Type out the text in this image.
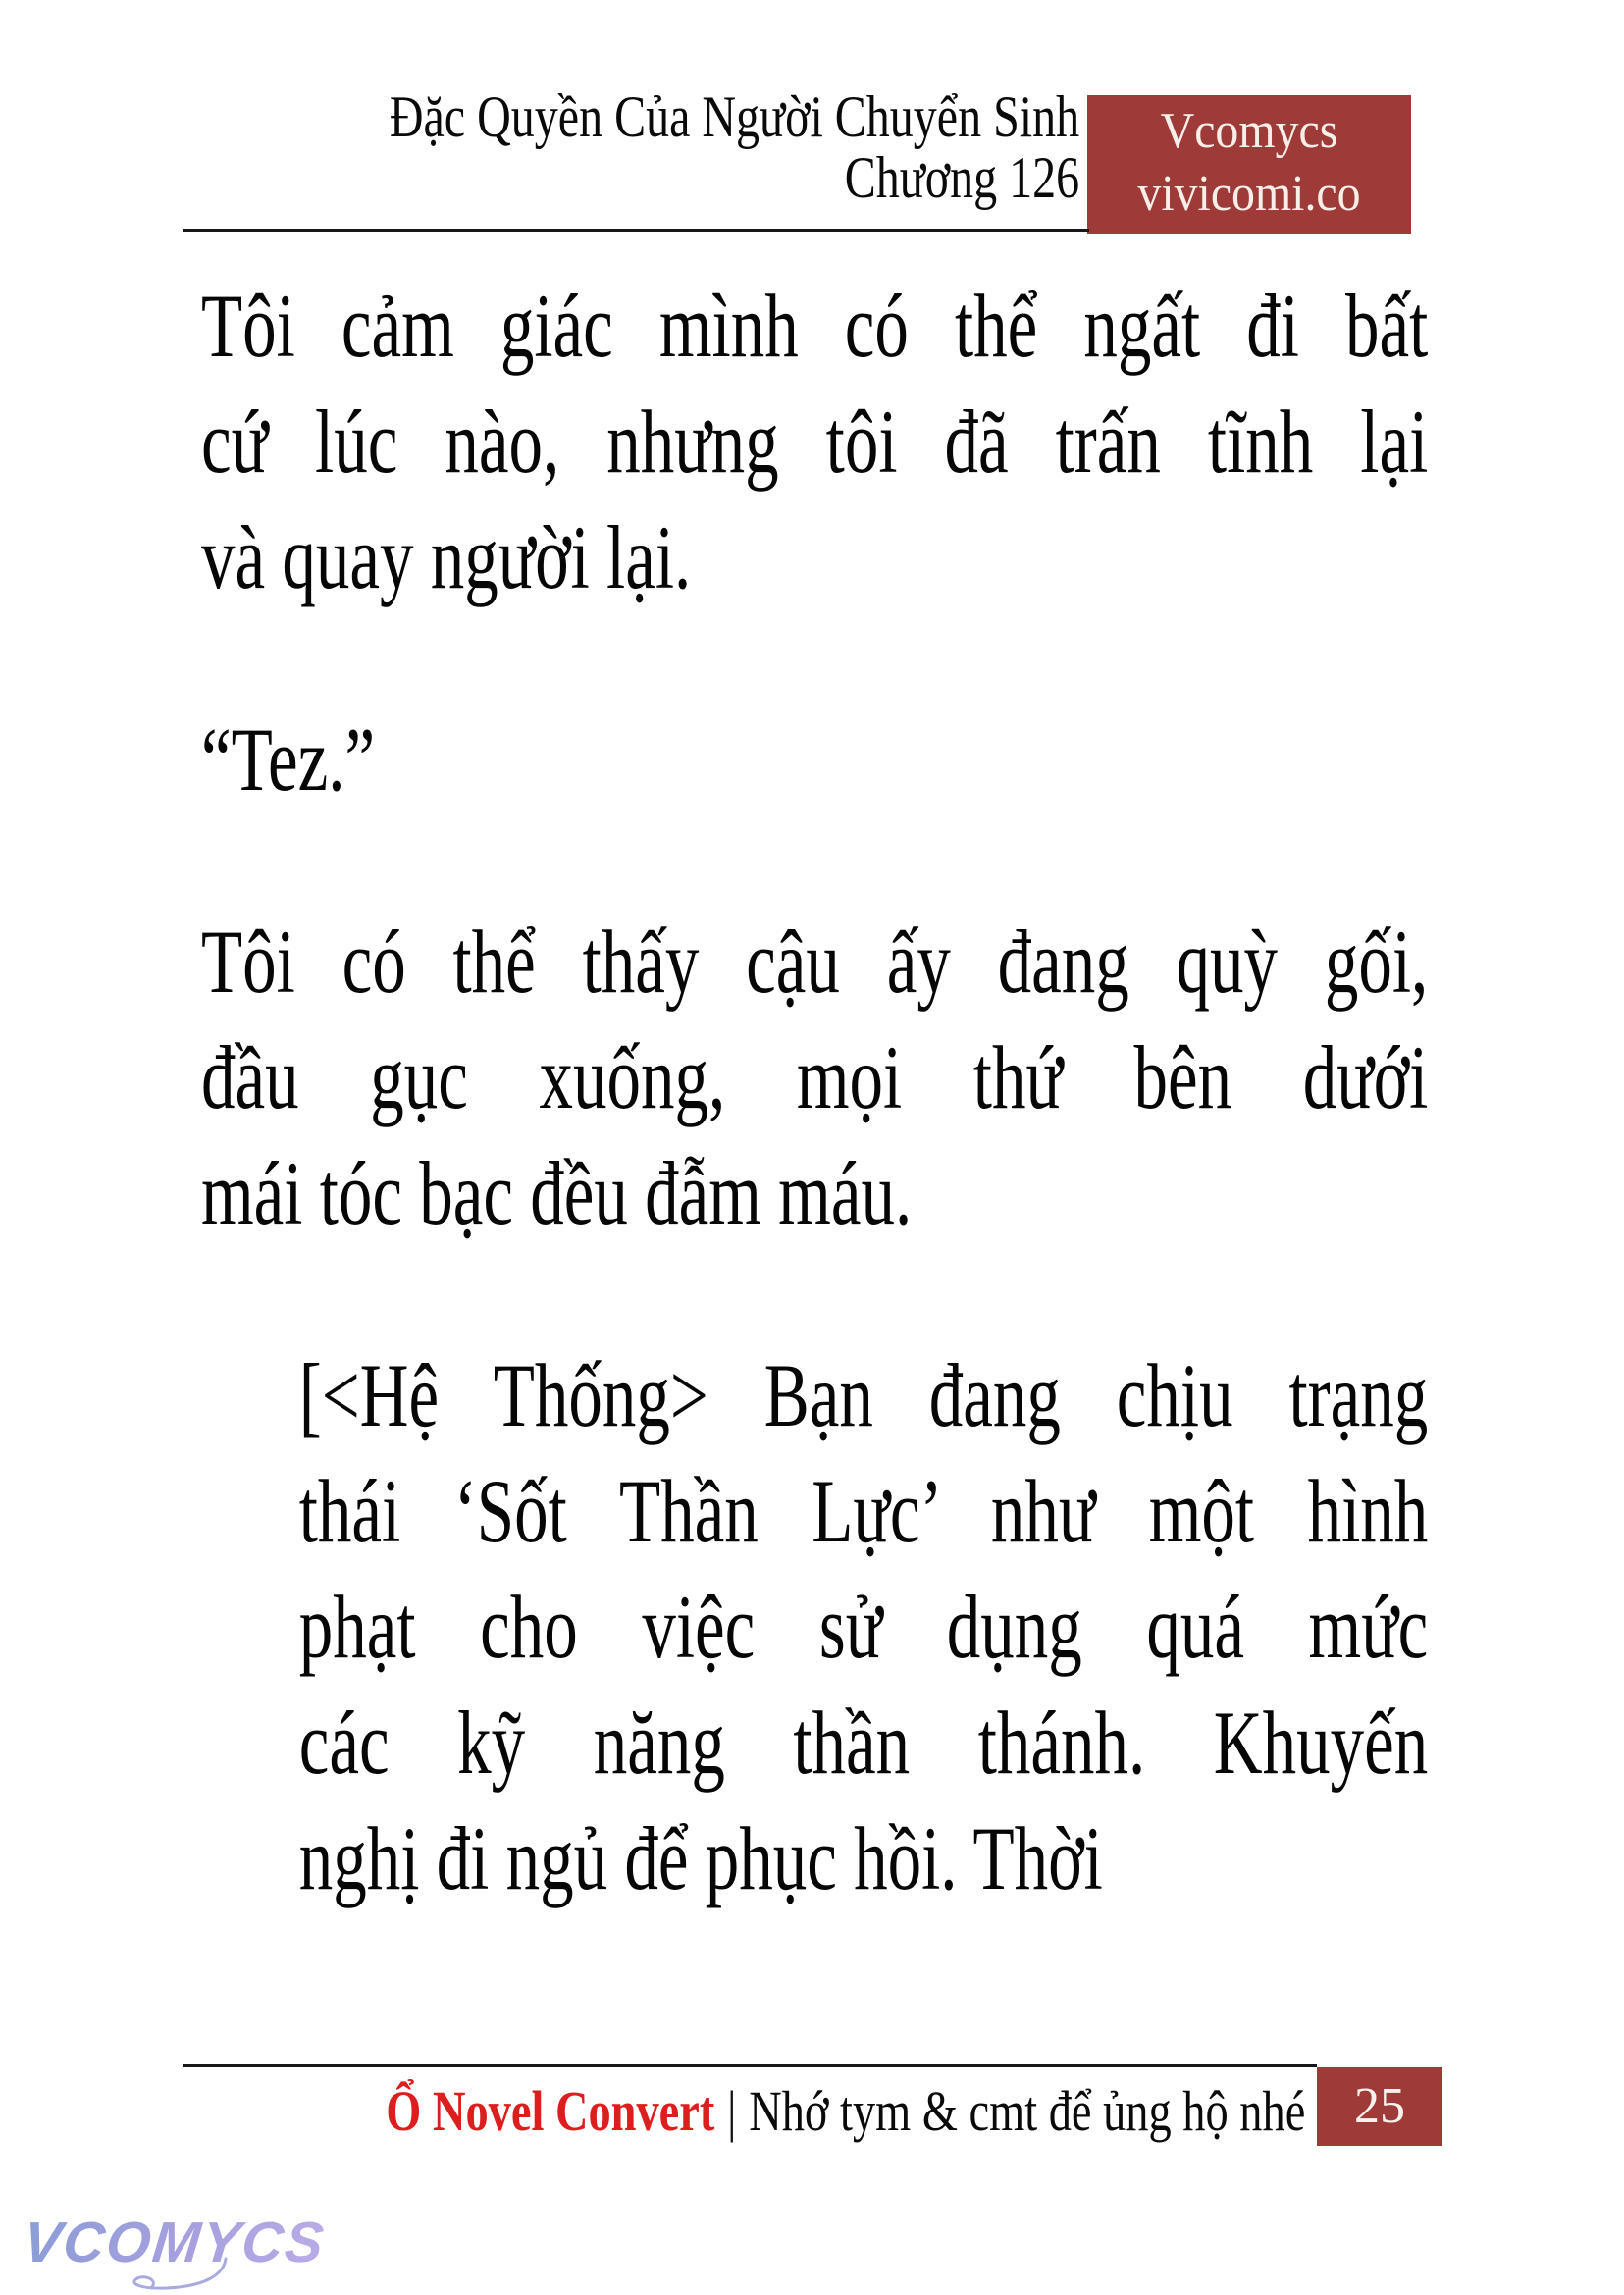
Đặc Quyền Của Người Chuyển Sinh
Chương 126
Vcomycs
vivicomi.co
Tôi cảm giác mình có thể ngất đi bất
cứ lúc nào, nhưng tôi đã trấn tĩnh lại
và quay người lại.
“Tez.”
Tôi có thể thấy cậu ấy đang quỳ gối,
đầu gục xuống, mọi thứ bên dưới
mái tóc bạc đều đẫm máu.
[<Hệ Thống> Bạn đang chịu trạng
thái ‘Sốt Thần Lực’ như một hình
phạt cho việc sử dụng quá mức
các kỹ năng thần thánh. Khuyến
nghị đi ngủ để phục hồi. Thời
Ổ Novel Convert | Nhớ tym & cmt để ủng hộ nhé 25
VCOMYCS
